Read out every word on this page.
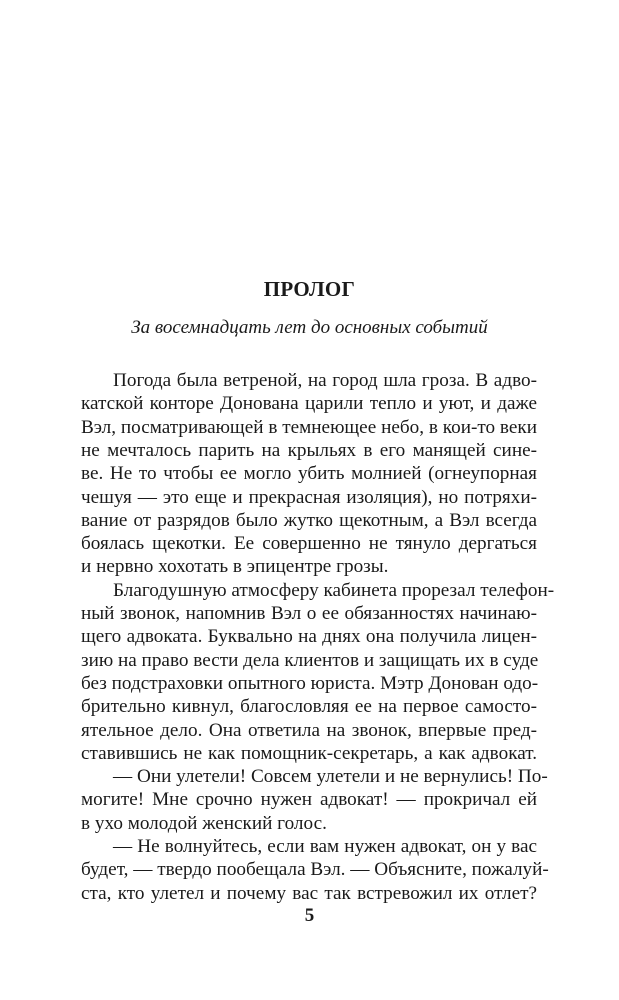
ПРОЛОГ

За восемнадцать лет до основных событий

Погода была ветреной, на город шла гроза. В адво-

катской конторе Донована царили тепло и уют, и даже

Вэл, посматривающей в темнеющее небо, в кои-то веки

не мечталось парить на крыльях в его манящей сине-

ве. Не то чтобы ее могло убить молнией (огнеупорная

чешуя — это еще и прекрасная изоляция), но потряхи-

вание от разрядов было жутко щекотным, а Вэл всегда

боялась щекотки. Ее совершенно не тянуло дергаться

и нервно хохотать в эпицентре грозы.

Благодушную атмосферу кабинета прорезал телефон-

ный звонок, напомнив Вэл о ее обязанностях начинаю-

щего адвоката. Буквально на днях она получила лицен-

зию на право вести дела клиентов и защищать их в суде

без подстраховки опытного юриста. Мэтр Донован одо-

брительно кивнул, благословляя ее на первое самосто-

ятельное дело. Она ответила на звонок, впервые пред-

ставившись не как помощник-секретарь, а как адвокат.

— Они улетели! Совсем улетели и не вернулись! По-

могите! Мне срочно нужен адвокат! — прокричал ей

в ухо молодой женский голос.

— Не волнуйтесь, если вам нужен адвокат, он у вас

будет, — твердо пообещала Вэл. — Объясните, пожалуй-

ста, кто улетел и почему вас так встревожил их отлет?

5
